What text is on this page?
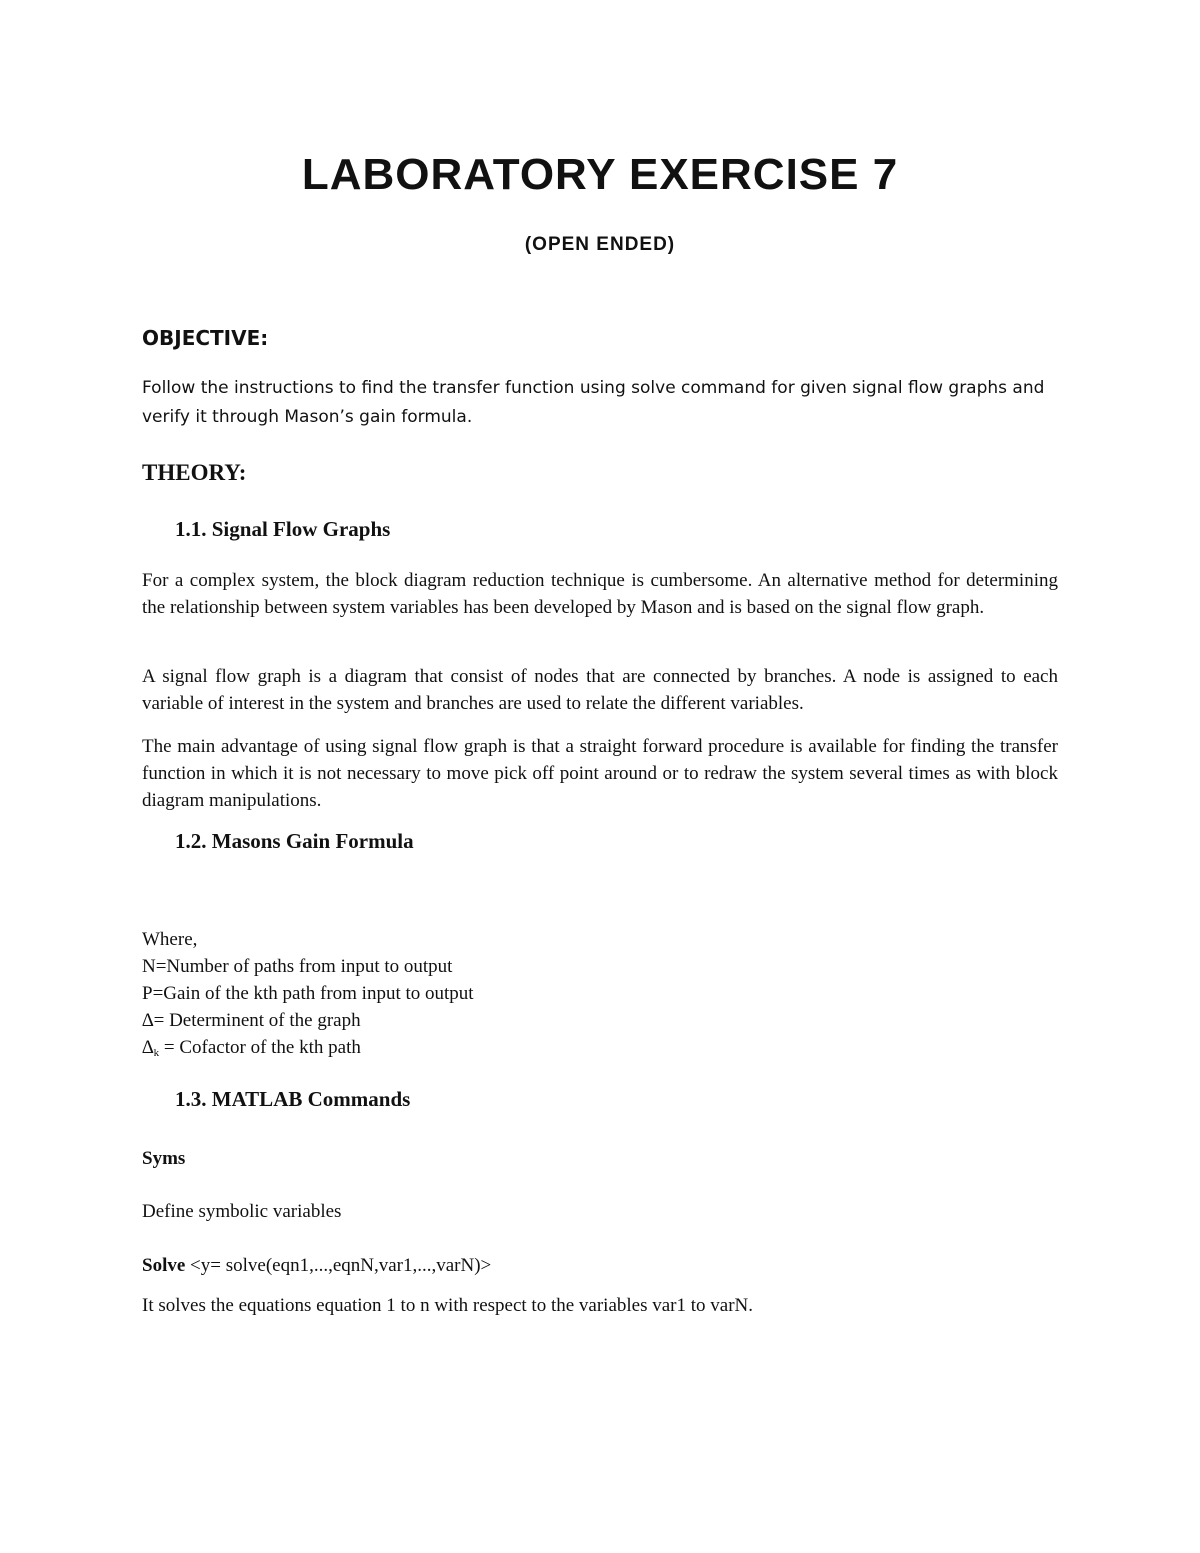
LABORATORY EXERCISE 7
(OPEN ENDED)
OBJECTIVE:

Follow the instructions to find the transfer function using solve command for given signal flow graphs and verify it through Mason’s gain formula.

THEORY:
1.1. Signal Flow Graphs

For a complex system, the block diagram reduction technique is cumbersome. An alternative method for determining the relationship between system variables has been developed by Mason and is based on the signal flow graph.

A signal flow graph is a diagram that consist of nodes that are connected by branches. A node is assigned to each variable of interest in the system and branches are used to relate the different variables.

The main advantage of using signal flow graph is that a straight forward procedure is available for finding the transfer function in which it is not necessary to move pick off point around or to redraw the system several times as with block diagram manipulations.

1.2. Masons Gain Formula
Where,
N=Number of paths from input to output
P=Gain of the kth path from input to output
∆= Determinent of the graph
$\Delta_k$ = Cofactor of the kth path
1.3. MATLAB Commands
Syms
Define symbolic variables
Solve <y= solve(eqn1,...,eqnN,var1,...,varN)>
It solves the equations equation 1 to n with respect to the variables var1 to varN.
